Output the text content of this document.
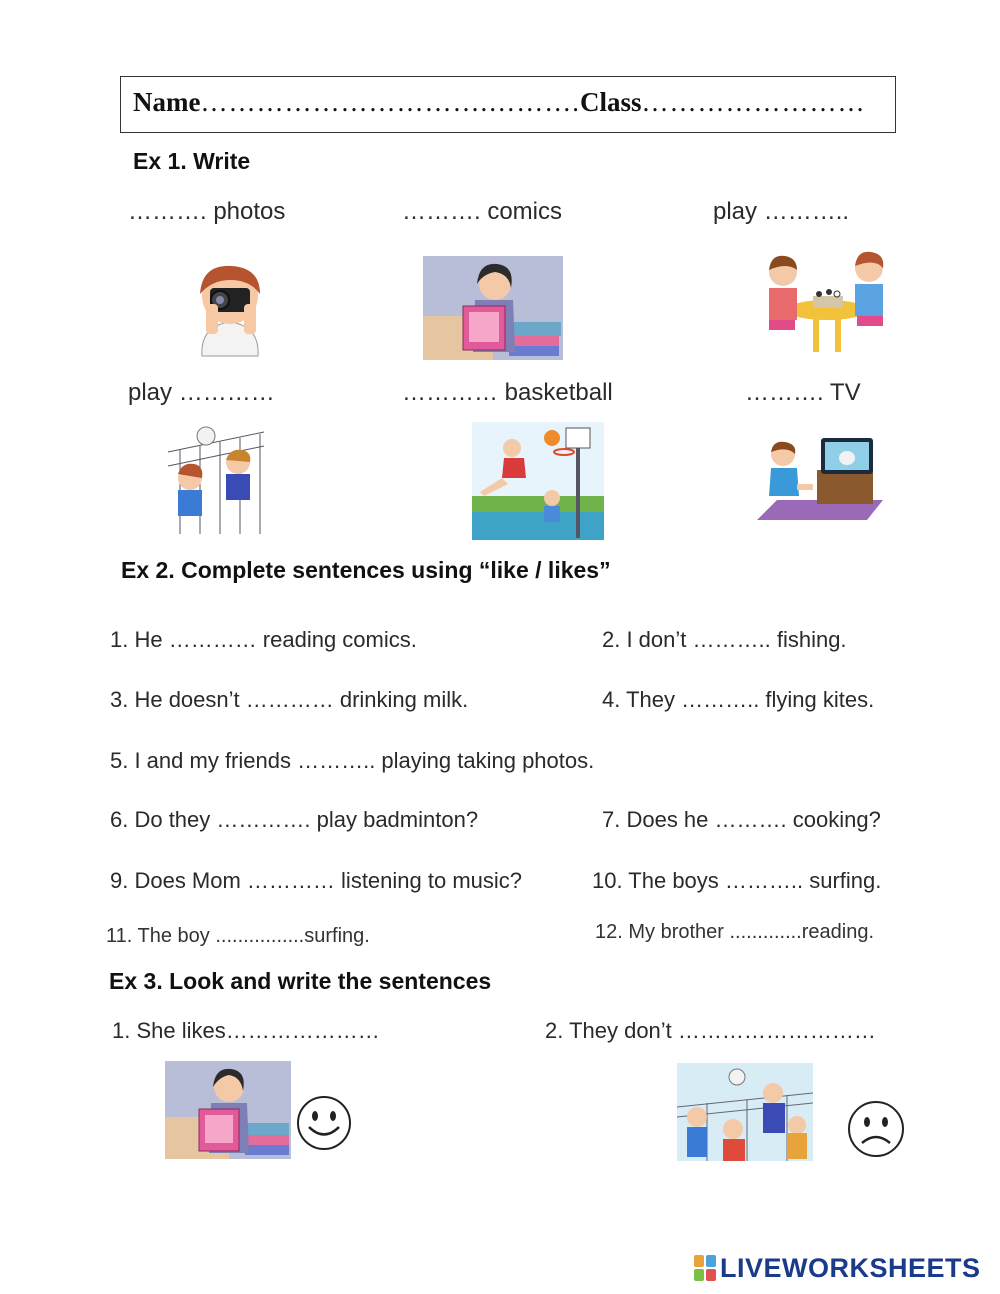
Name………………………….……….Class……………………
Ex 1. Write
………. photos	………. comics	play ………..
play …………	………… basketball	………. TV
Ex 2. Complete sentences using “like / likes”
1. He ………… reading comics.	2. I don’t ……….. fishing.
3. He doesn’t ………… drinking milk.	4. They ……….. flying kites.
5. I and my friends ……….. playing taking photos.
6. Do they …………. play badminton?	7. Does he ………. cooking?
9. Does Mom ………… listening to music?	10. The boys ……….. surfing.
11. The boy ................surfing.	12. My brother .............reading.
Ex 3. Look and write the sentences
1. She likes…………………	2. They don’t ………………………
LIVEWORKSHEETS
